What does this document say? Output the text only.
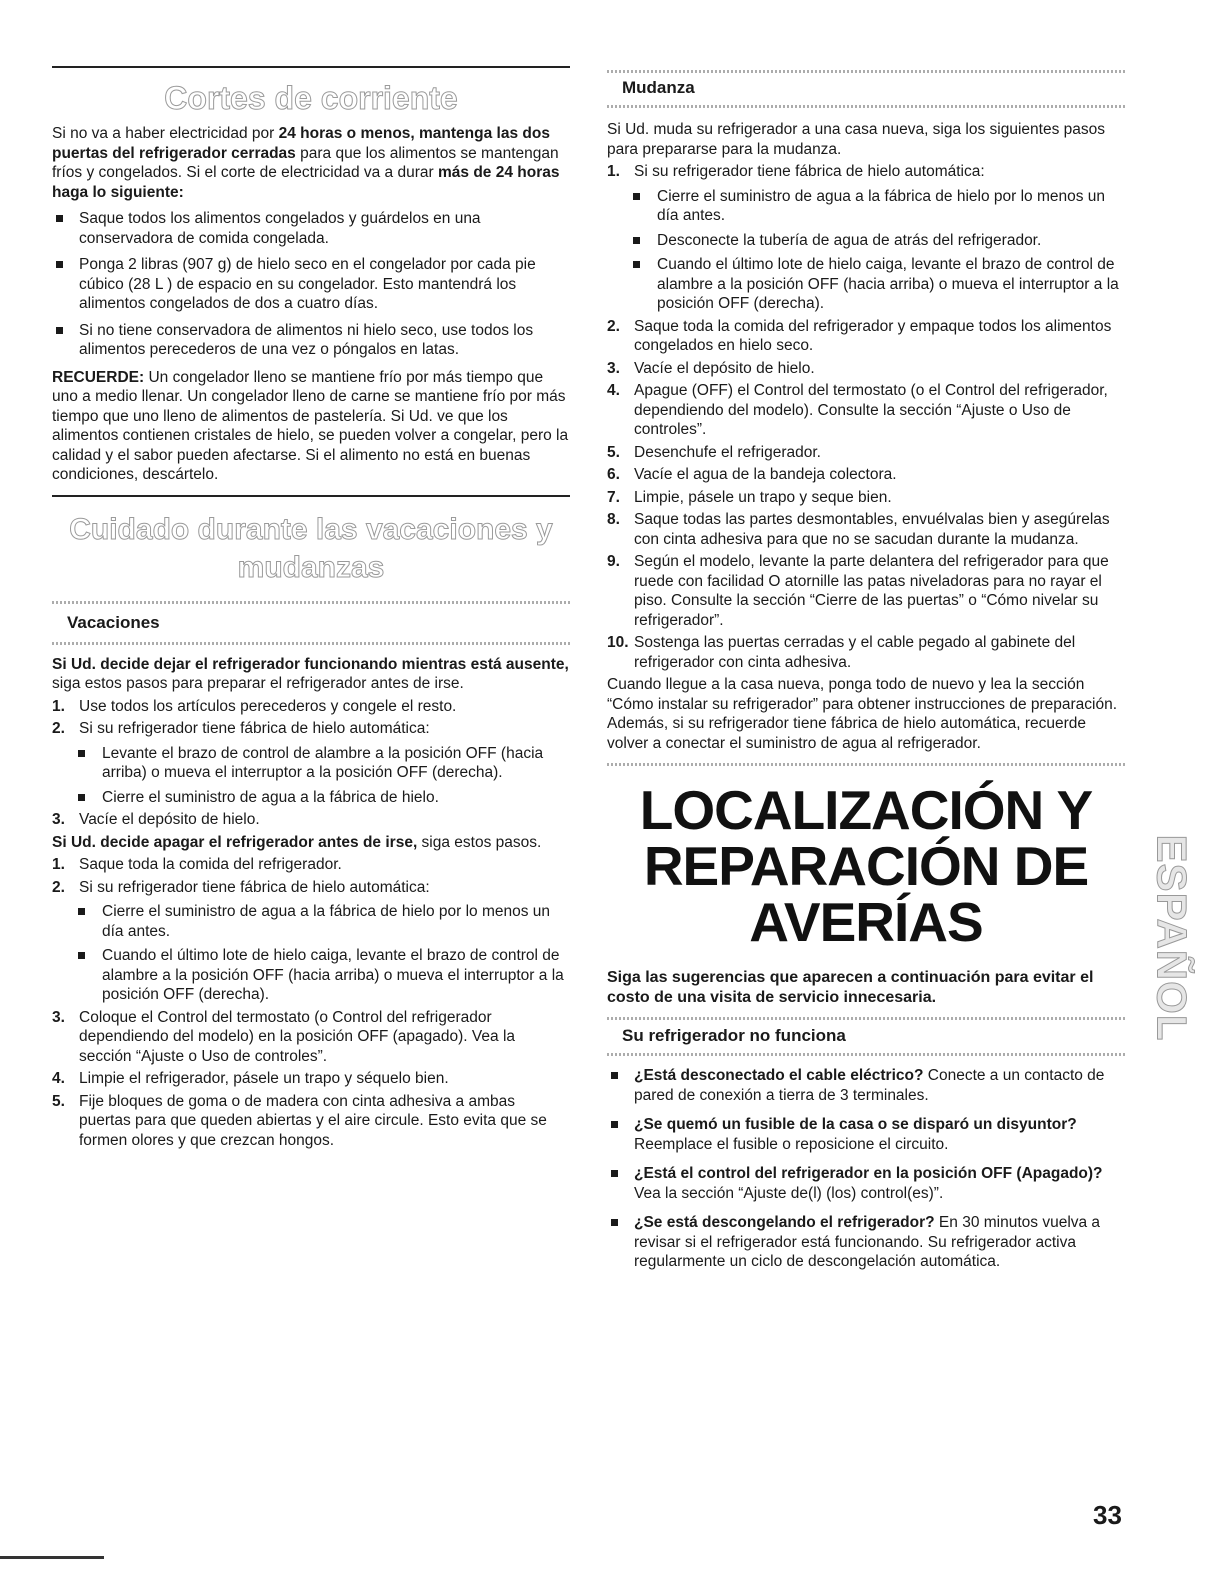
Cortes de corriente

Si no va a haber electricidad por 24 horas o menos, mantenga las dos puertas del refrigerador cerradas para que los alimentos se mantengan fríos y congelados. Si el corte de electricidad va a durar más de 24 horas haga lo siguiente:

Saque todos los alimentos congelados y guárdelos en una conservadora de comida congelada.
Ponga 2 libras (907 g) de hielo seco en el congelador por cada pie cúbico (28 L ) de espacio en su congelador. Esto mantendrá los alimentos congelados de dos a cuatro días.
Si no tiene conservadora de alimentos ni hielo seco, use todos los alimentos perecederos de una vez o póngalos en latas.

RECUERDE: Un congelador lleno se mantiene frío por más tiempo que uno a medio llenar. Un congelador lleno de carne se mantiene frío por más tiempo que uno lleno de alimentos de pastelería. Si Ud. ve que los alimentos contienen cristales de hielo, se pueden volver a congelar, pero la calidad y el sabor pueden afectarse. Si el alimento no está en buenas condiciones, descártelo.

Cuidado durante las vacaciones y
mudanzas
Vacaciones

Si Ud. decide dejar el refrigerador funcionando mientras está ausente, siga estos pasos para preparar el refrigerador antes de irse.

1. Use todos los artículos perecederos y congele el resto.
2. Si su refrigerador tiene fábrica de hielo automática:
Levante el brazo de control de alambre a la posición OFF (hacia arriba) o mueva el interruptor a la posición OFF (derecha).
Cierre el suministro de agua a la fábrica de hielo.
3. Vacíe el depósito de hielo.

Si Ud. decide apagar el refrigerador antes de irse, siga estos pasos.

1. Saque toda la comida del refrigerador.
2. Si su refrigerador tiene fábrica de hielo automática:
Cierre el suministro de agua a la fábrica de hielo por lo menos un día antes.
Cuando el último lote de hielo caiga, levante el brazo de control de alambre a la posición OFF (hacia arriba) o mueva el interruptor a la posición OFF (derecha).
3. Coloque el Control del termostato (o Control del refrigerador dependiendo del modelo) en la posición OFF (apagado). Vea la sección “Ajuste o Uso de controles”.
4. Limpie el refrigerador, pásele un trapo y séquelo bien.
5. Fije bloques de goma o de madera con cinta adhesiva a ambas puertas para que queden abiertas y el aire circule. Esto evita que se formen olores y que crezcan hongos.
Mudanza

Si Ud. muda su refrigerador a una casa nueva, siga los siguientes pasos para prepararse para la mudanza.

1. Si su refrigerador tiene fábrica de hielo automática:
Cierre el suministro de agua a la fábrica de hielo por lo menos un día antes.
Desconecte la tubería de agua de atrás del refrigerador.
Cuando el último lote de hielo caiga, levante el brazo de control de alambre a la posición OFF (hacia arriba) o mueva el interruptor a la posición OFF (derecha).
2. Saque toda la comida del refrigerador y empaque todos los alimentos congelados en hielo seco.
3. Vacíe el depósito de hielo.
4. Apague (OFF) el Control del termostato (o el Control del refrigerador, dependiendo del modelo). Consulte la sección “Ajuste o Uso de controles”.
5. Desenchufe el refrigerador.
6. Vacíe el agua de la bandeja colectora.
7. Limpie, pásele un trapo y seque bien.
8. Saque todas las partes desmontables, envuélvalas bien y asegúrelas con cinta adhesiva para que no se sacudan durante la mudanza.
9. Según el modelo, levante la parte delantera del refrigerador para que ruede con facilidad O atornille las patas niveladoras para no rayar el piso. Consulte la sección “Cierre de las puertas” o “Cómo nivelar su refrigerador”.
10. Sostenga las puertas cerradas y el cable pegado al gabinete del refrigerador con cinta adhesiva.

Cuando llegue a la casa nueva, ponga todo de nuevo y lea la sección “Cómo instalar su refrigerador” para obtener instrucciones de preparación. Además, si su refrigerador tiene fábrica de hielo automática, recuerde volver a conectar el suministro de agua al refrigerador.

LOCALIZACIÓN Y

REPARACIÓN DE

AVERÍAS

Siga las sugerencias que aparecen a continuación para evitar el costo de una visita de servicio innecesaria.

Su refrigerador no funciona
¿Está desconectado el cable eléctrico? Conecte a un contacto de pared de conexión a tierra de 3 terminales.
¿Se quemó un fusible de la casa o se disparó un disyuntor? Reemplace el fusible o reposicione el circuito.
¿Está el control del refrigerador en la posición OFF (Apagado)? Vea la sección “Ajuste de(l) (los) control(es)”.
¿Se está descongelando el refrigerador? En 30 minutos vuelva a revisar si el refrigerador está funcionando. Su refrigerador activa regularmente un ciclo de descongelación automática.
ESPAÑOL
33
